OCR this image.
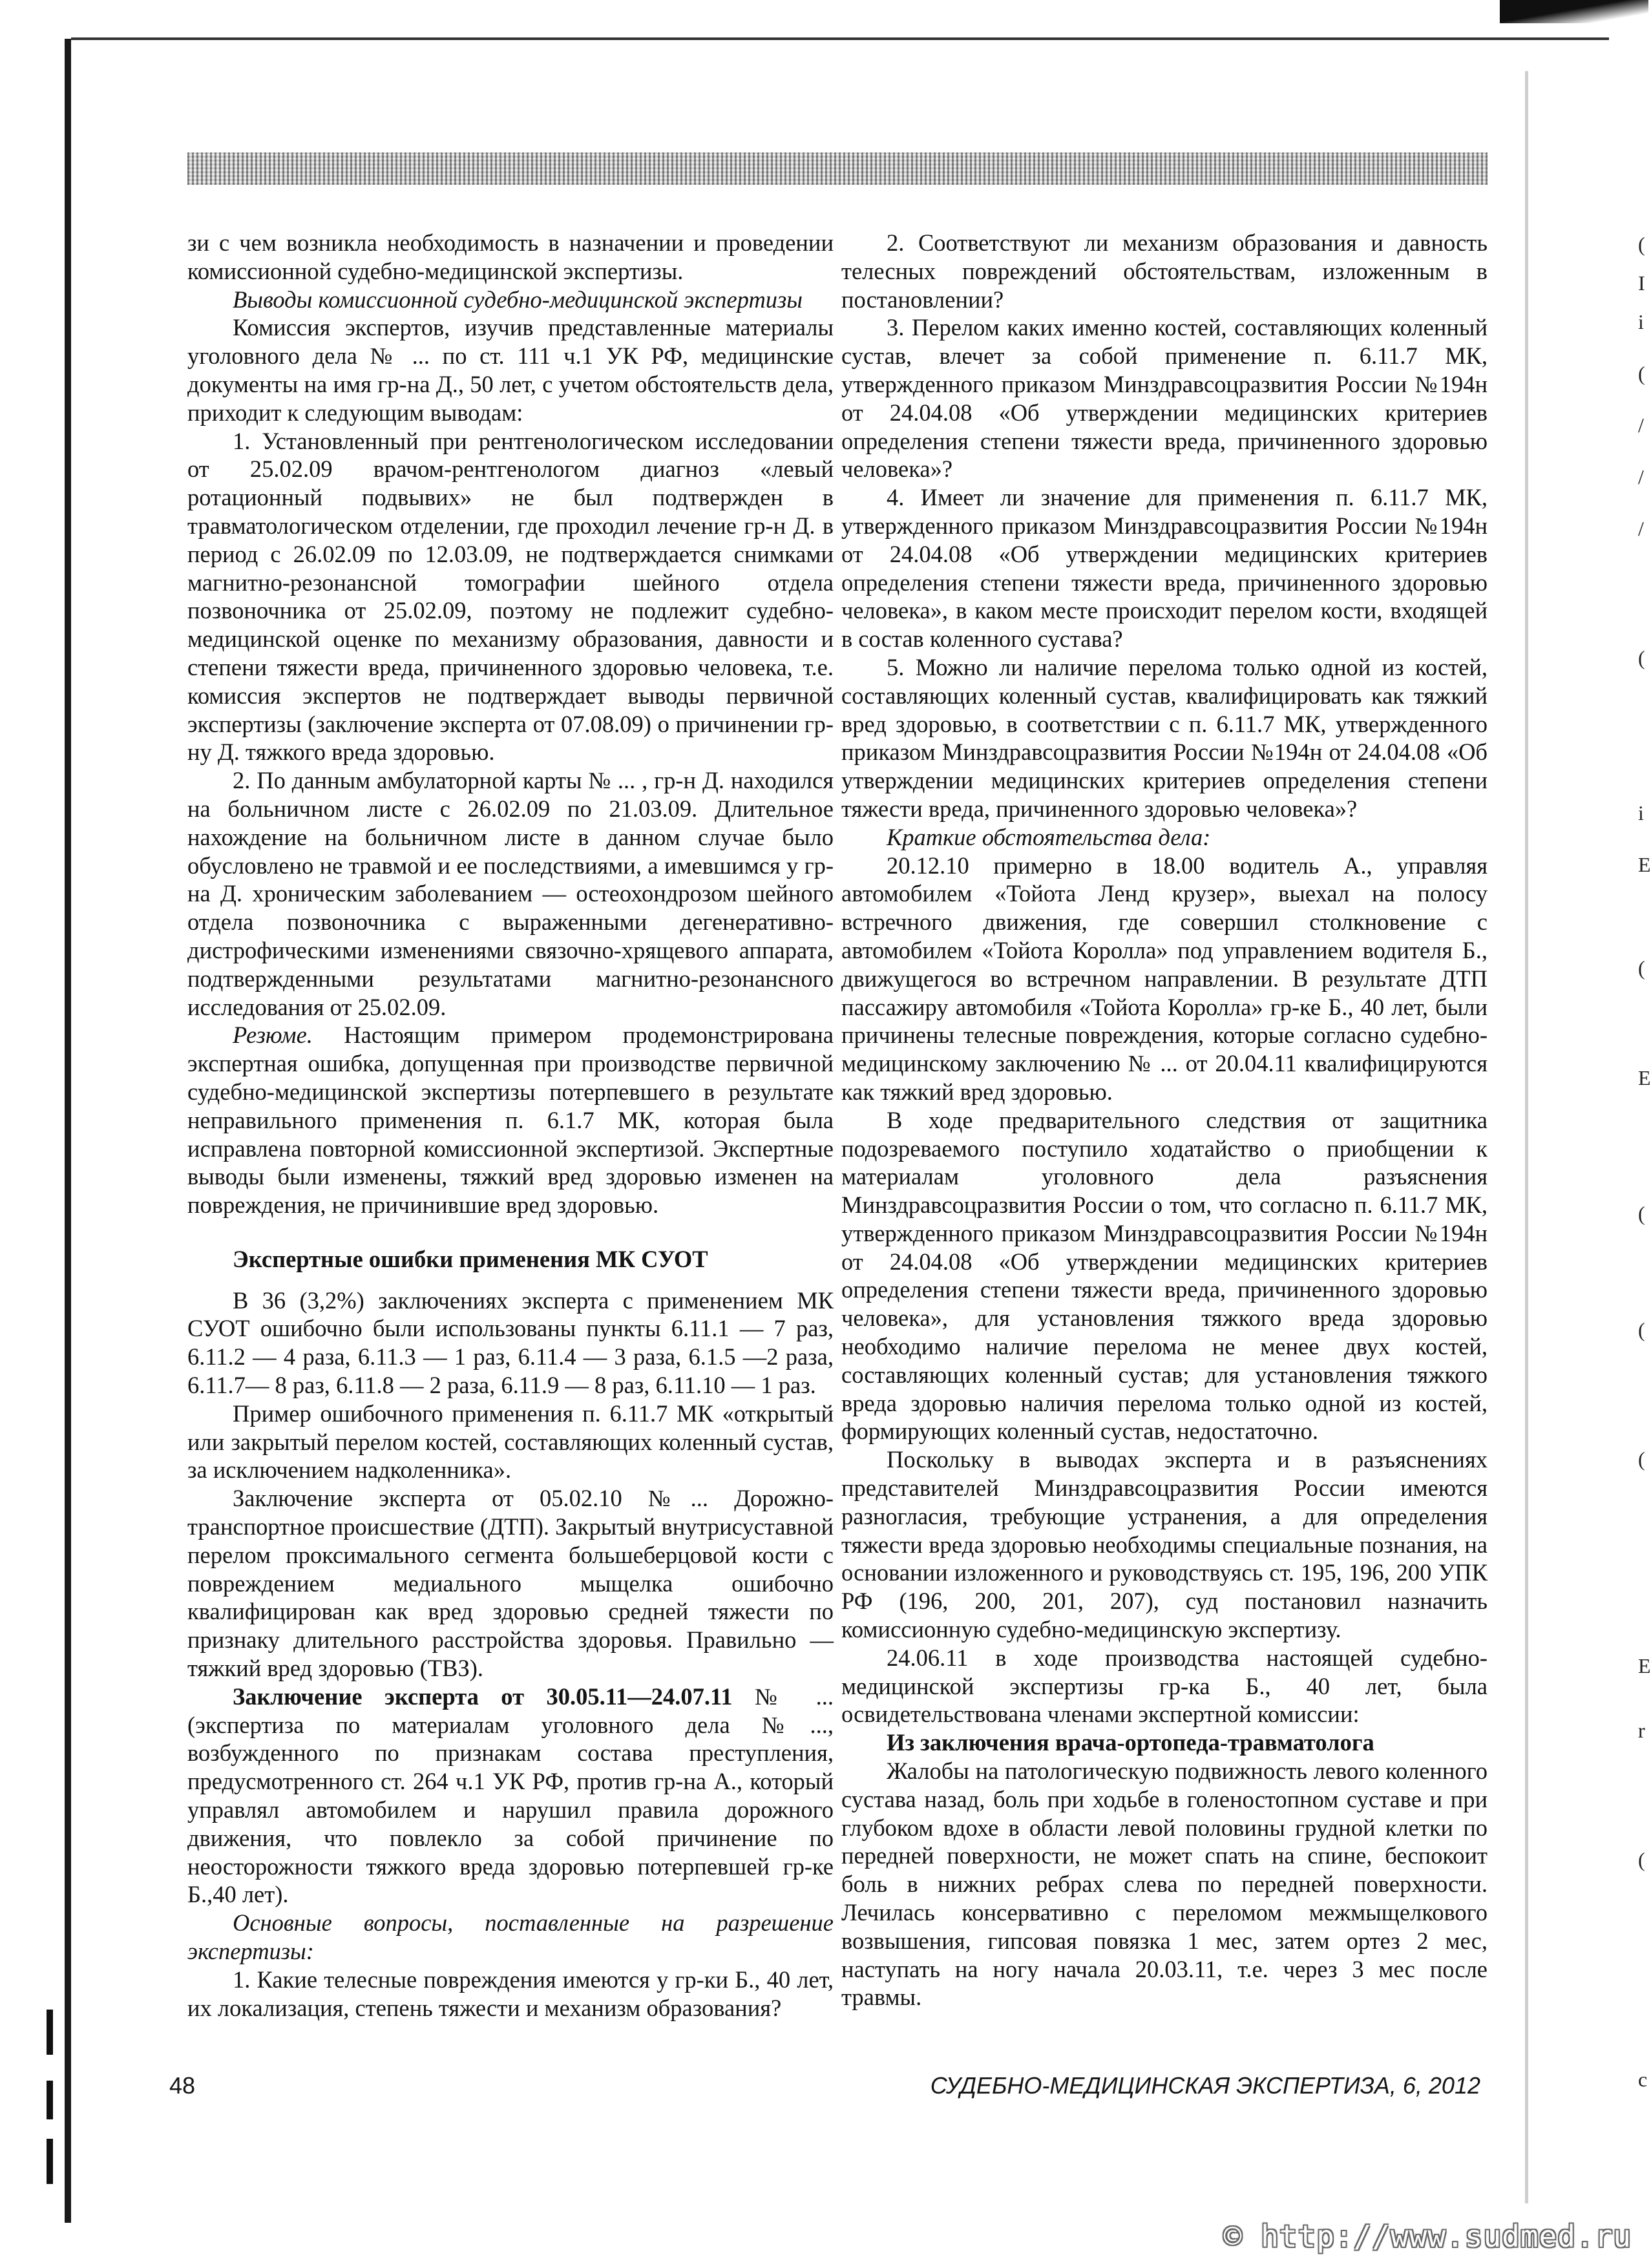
зи с чем возникла необходимость в назначении и проведении комиссионной судебно-медицинской экспертизы.

Выводы комиссионной судебно-медицинской экспертизы

Комиссия экспертов, изучив представленные материалы уголовного дела № ... по ст. 111 ч.1 УК РФ, медицинские документы на имя гр-на Д., 50 лет, с учетом обстоятельств дела, приходит к следующим выводам:

1. Установленный при рентгенологическом исследовании от 25.02.09 врачом-рентгенологом диагноз «левый ротационный подвывих» не был подтвержден в травматологическом отделении, где проходил лечение гр-н Д. в период с 26.02.09 по 12.03.09, не подтверждается снимками магнитно-резонансной томографии шейного отдела позвоночника от 25.02.09, поэтому не подлежит судебно-медицинской оценке по механизму образования, давности и степени тяжести вреда, причиненного здоровью человека, т.е. комиссия экспертов не подтверждает выводы первичной экспертизы (заключение эксперта от 07.08.09) о причинении гр-ну Д. тяжкого вреда здоровью.

2. По данным амбулаторной карты № ... , гр-н Д. находился на больничном листе с 26.02.09 по 21.03.09. Длительное нахождение на больничном листе в данном случае было обусловлено не травмой и ее последствиями, а имевшимся у гр-на Д. хроническим заболеванием — остеохондрозом шейного отдела позвоночника с выраженными дегенеративно-дистрофическими изменениями связочно-хрящевого аппарата, подтвержденными результатами магнитно-резонансного исследования от 25.02.09.

Резюме. Настоящим примером продемонстрирована экспертная ошибка, допущенная при производстве первичной судебно-медицинской экспертизы потерпевшего в результате неправильного применения п. 6.1.7 МК, которая была исправлена повторной комиссионной экспертизой. Экспертные выводы были изменены, тяжкий вред здоровью изменен на повреждения, не причинившие вред здоровью.

Экспертные ошибки применения МК СУОТ

В 36 (3,2%) заключениях эксперта с применением МК СУОТ ошибочно были использованы пункты 6.11.1 — 7 раз, 6.11.2 — 4 раза, 6.11.3 — 1 раз, 6.11.4 — 3 раза, 6.1.5 —2 раза, 6.11.7— 8 раз, 6.11.8 — 2 раза, 6.11.9 — 8 раз, 6.11.10 — 1 раз.

Пример ошибочного применения п. 6.11.7 МК «открытый или закрытый перелом костей, составляющих коленный сустав, за исключением надколенника».

Заключение эксперта от 05.02.10 №... Дорожно-транспортное происшествие (ДТП). Закрытый внутрисуставной перелом проксимального сегмента большеберцовой кости с повреждением медиального мыщелка ошибочно квалифицирован как вред здоровью средней тяжести по признаку длительного расстройства здоровья. Правильно — тяжкий вред здоровью (ТВЗ).

Заключение эксперта от 30.05.11—24.07.11 № ... (экспертиза по материалам уголовного дела №..., возбужденного по признакам состава преступления, предусмотренного ст. 264 ч.1 УК РФ, против гр-на А., который управлял автомобилем и нарушил правила дорожного движения, что повлекло за собой причинение по неосторожности тяжкого вреда здоровью потерпевшей гр-ке Б.,40 лет).

Основные вопросы, поставленные на разрешение экспертизы:

1. Какие телесные повреждения имеются у гр-ки Б., 40 лет, их локализация, степень тяжести и механизм образования?

2. Соответствуют ли механизм образования и давность телесных повреждений обстоятельствам, изложенным в постановлении?

3. Перелом каких именно костей, составляющих коленный сустав, влечет за собой применение п. 6.11.7 МК, утвержденного приказом Минздравсоцразвития России №194н от 24.04.08 «Об утверждении медицинских критериев определения степени тяжести вреда, причиненного здоровью человека»?

4. Имеет ли значение для применения п. 6.11.7 МК, утвержденного приказом Минздравсоцразвития России №194н от 24.04.08 «Об утверждении медицинских критериев определения степени тяжести вреда, причиненного здоровью человека», в каком месте происходит перелом кости, входящей в состав коленного сустава?

5. Можно ли наличие перелома только одной из костей, составляющих коленный сустав, квалифицировать как тяжкий вред здоровью, в соответствии с п. 6.11.7 МК, утвержденного приказом Минздравсоцразвития России №194н от 24.04.08 «Об утверждении медицинских критериев определения степени тяжести вреда, причиненного здоровью человека»?

Краткие обстоятельства дела:

20.12.10 примерно в 18.00 водитель А., управляя автомобилем «Тойота Ленд крузер», выехал на полосу встречного движения, где совершил столкновение с автомобилем «Тойота Королла» под управлением водителя Б., движущегося во встречном направлении. В результате ДТП пассажиру автомобиля «Тойота Королла» гр-ке Б., 40 лет, были причинены телесные повреждения, которые согласно судебно-медицинскому заключению № ... от 20.04.11 квалифицируются как тяжкий вред здоровью.

В ходе предварительного следствия от защитника подозреваемого поступило ходатайство о приобщении к материалам уголовного дела разъяснения Минздравсоцразвития России о том, что согласно п. 6.11.7 МК, утвержденного приказом Минздравсоцразвития России №194н от 24.04.08 «Об утверждении медицинских критериев определения степени тяжести вреда, причиненного здоровью человека», для установления тяжкого вреда здоровью необходимо наличие перелома не менее двух костей, составляющих коленный сустав; для установления тяжкого вреда здоровью наличия перелома только одной из костей, формирующих коленный сустав, недостаточно.

Поскольку в выводах эксперта и в разъяснениях представителей Минздравсоцразвития России имеются разногласия, требующие устранения, а для определения тяжести вреда здоровью необходимы специальные познания, на основании изложенного и руководствуясь ст. 195, 196, 200 УПК РФ (196, 200, 201, 207), суд постановил назначить комиссионную судебно-медицинскую экспертизу.

24.06.11 в ходе производства настоящей судебно-медицинской экспертизы гр-ка Б., 40 лет, была освидетельствована членами экспертной комиссии:

Из заключения врача-ортопеда-травматолога

Жалобы на патологическую подвижность левого коленного сустава назад, боль при ходьбе в голеностопном суставе и при глубоком вдохе в области левой половины грудной клетки по передней поверхности, не может спать на спине, беспокоит боль в нижних ребрах слева по передней поверхности. Лечилась консервативно с переломом межмыщелкового возвышения, гипсовая повязка 1 мес, затем ортез 2 мес, наступать на ногу начала 20.03.11, т.е. через 3 мес после травмы.

48	СУДЕБНО-МЕДИЦИНСКАЯ ЭКСПЕРТИЗА, 6, 2012
(
I
i
(
/
/
/
(
i
E
(
E
(
(
(
E
r
(
c
© http://www.sudmed.ru
